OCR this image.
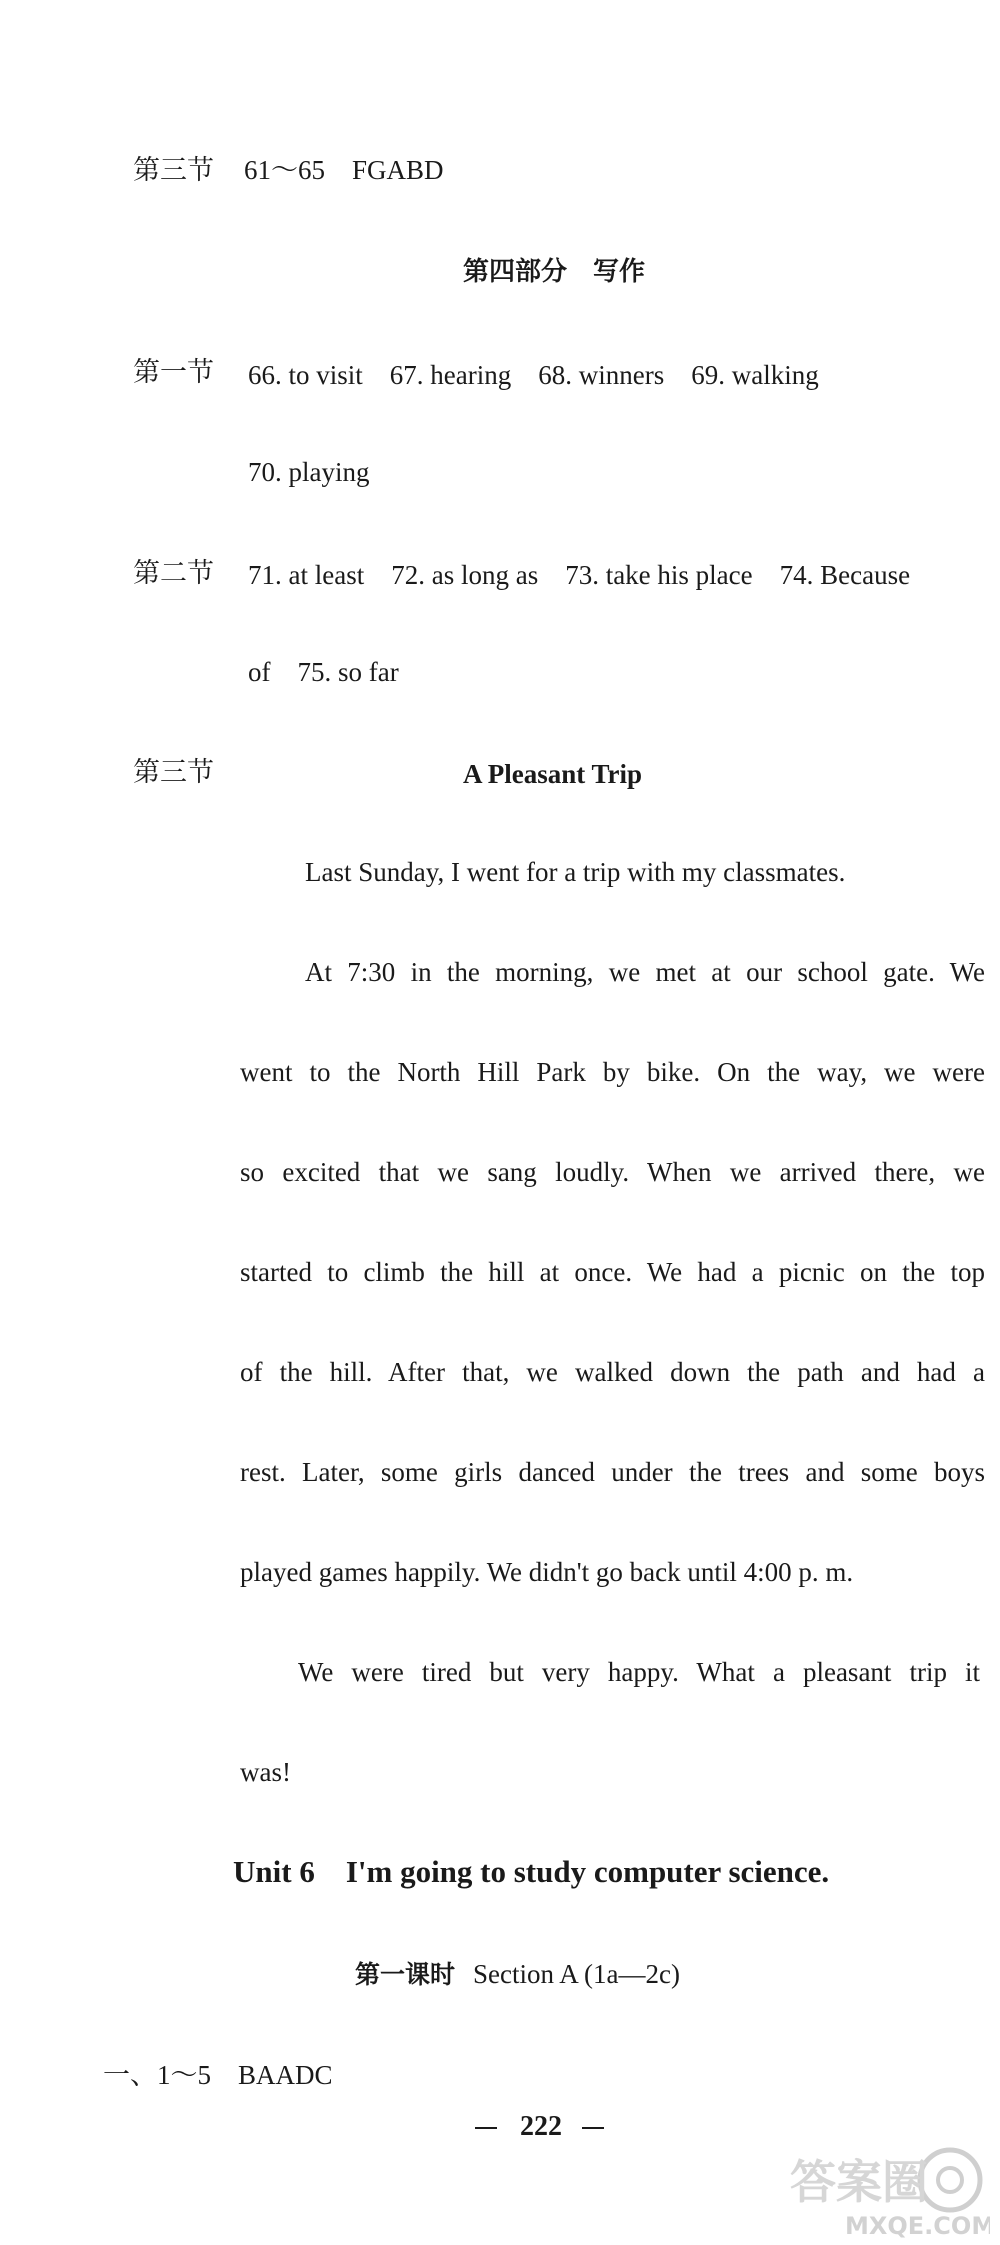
第三节 61～65　FGABD
第四部分　写作
第一节 66. to visit　67. hearing　68. winners　69. walking
70. playing
第二节 71. at least　72. as long as　73. take his place　74. Because
of　75. so far
第三节	A Pleasant Trip
Last Sunday, I went for a trip with my classmates.
At 7:30 in the morning, we met at our school gate. We
went to the North Hill Park by bike. On the way, we were
so excited that we sang loudly. When we arrived there, we
started to climb the hill at once. We had a picnic on the top
of the hill. After that, we walked down the path and had a
rest. Later, some girls danced under the trees and some boys
played games happily. We didn't go back until 4:00 p. m.
We were tired but very happy. What a pleasant trip it
was!
Unit 6　I'm going to study computer science.
第一课时 Section A (1a—2c)
一、1～5　BAADC
222
答案圈
MXQE.COM
